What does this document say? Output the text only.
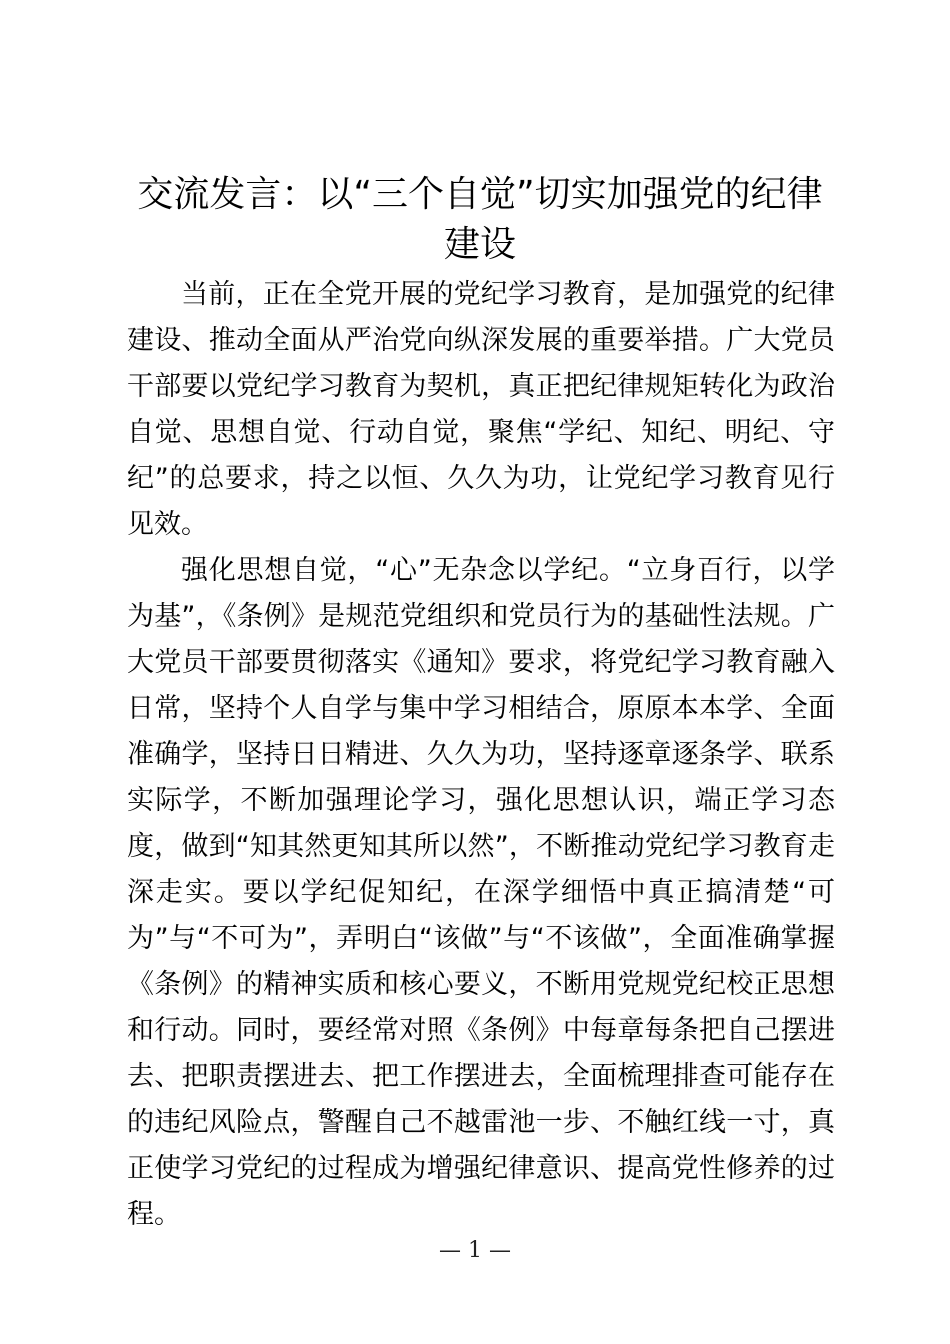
交流发言：以“三个自觉”切实加强党的纪律建设

当前，正在全党开展的党纪学习教育，是加强党的纪律建设、推动全面从严治党向纵深发展的重要举措。广大党员干部要以党纪学习教育为契机，真正把纪律规矩转化为政治自觉、思想自觉、行动自觉，聚焦“学纪、知纪、明纪、守纪”的总要求，持之以恒、久久为功，让党纪学习教育见行见效。

强化思想自觉，“心”无杂念以学纪。“立身百行，以学为基”，《条例》是规范党组织和党员行为的基础性法规。广大党员干部要贯彻落实《通知》要求，将党纪学习教育融入日常，坚持个人自学与集中学习相结合，原原本本学、全面准确学，坚持日日精进、久久为功，坚持逐章逐条学、联系实际学，不断加强理论学习，强化思想认识，端正学习态度，做到“知其然更知其所以然”，不断推动党纪学习教育走深走实。要以学纪促知纪，在深学细悟中真正搞清楚“可为”与“不可为”，弄明白“该做”与“不该做”，全面准确掌握《条例》的精神实质和核心要义，不断用党规党纪校正思想和行动。同时，要经常对照《条例》中每章每条把自己摆进去、把职责摆进去、把工作摆进去，全面梳理排查可能存在的违纪风险点，警醒自己不越雷池一步、不触红线一寸，真正使学习党纪的过程成为增强纪律意识、提高党性修养的过程。

— 1 —
